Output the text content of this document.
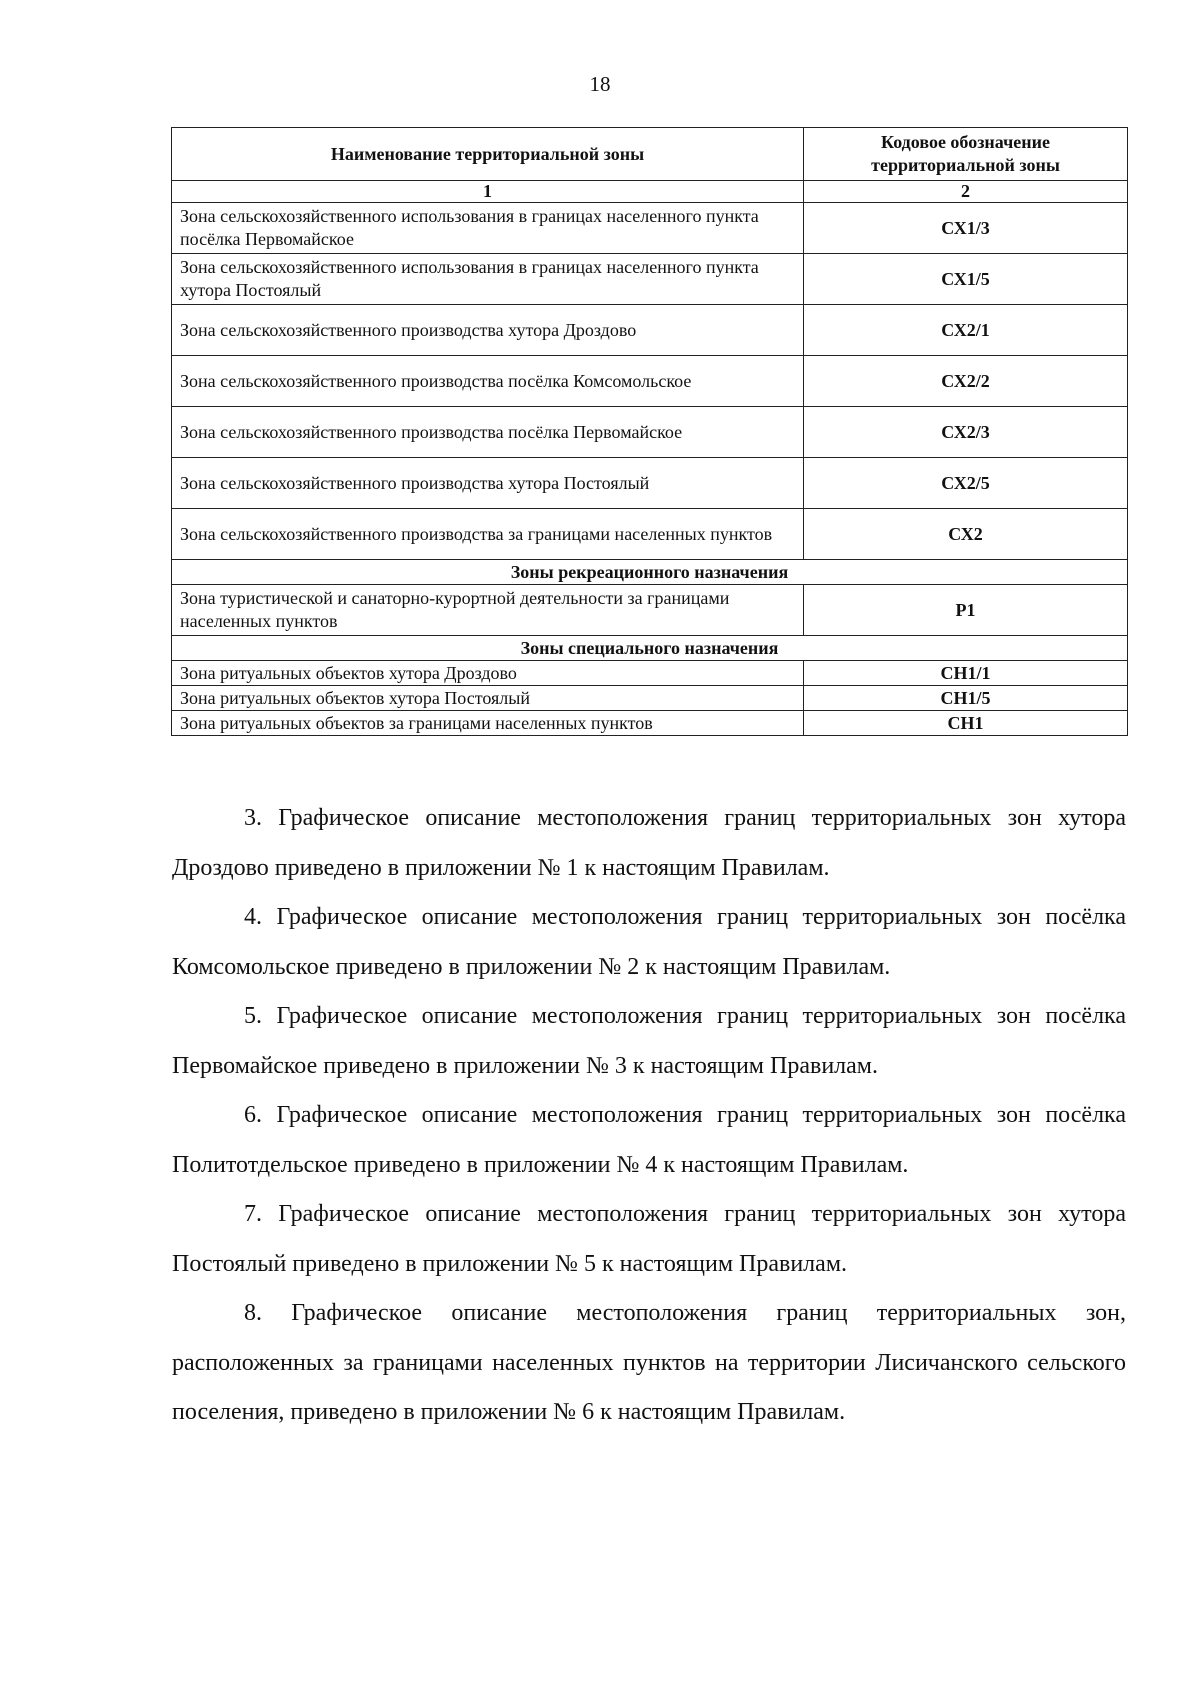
18
Наименование территориальной зоны	Кодовое обозначение территориальной зоны
1	2
Зона сельскохозяйственного использования в границах населенного пункта посёлка Первомайское	СХ1/3
Зона сельскохозяйственного использования в границах населенного пункта хутора Постоялый	СХ1/5
Зона сельскохозяйственного производства хутора Дроздово	СХ2/1
Зона сельскохозяйственного производства посёлка Комсомольское	СХ2/2
Зона сельскохозяйственного производства посёлка Первомайское	СХ2/3
Зона сельскохозяйственного производства хутора Постоялый	СХ2/5
Зона сельскохозяйственного производства за границами населенных пунктов	СХ2
Зоны рекреационного назначения	
Зона туристической и санаторно-курортной деятельности за границами населенных пунктов	Р1
Зоны специального назначения	
Зона ритуальных объектов хутора Дроздово	СН1/1
Зона ритуальных объектов хутора Постоялый	СН1/5
Зона ритуальных объектов за границами населенных пунктов	СН1

3. Графическое описание местоположения границ территориальных зон хутора Дроздово приведено в приложении № 1 к настоящим Правилам.

4. Графическое описание местоположения границ территориальных зон посёлка Комсомольское приведено в приложении № 2 к настоящим Правилам.

5. Графическое описание местоположения границ территориальных зон посёлка Первомайское приведено в приложении № 3 к настоящим Правилам.

6. Графическое описание местоположения границ территориальных зон посёлка Политотдельское приведено в приложении № 4 к настоящим Правилам.

7. Графическое описание местоположения границ территориальных зон хутора Постоялый приведено в приложении № 5 к настоящим Правилам.

8. Графическое описание местоположения границ территориальных зон, расположенных за границами населенных пунктов на территории Лисичанского сельского поселения, приведено в приложении № 6 к настоящим Правилам.
